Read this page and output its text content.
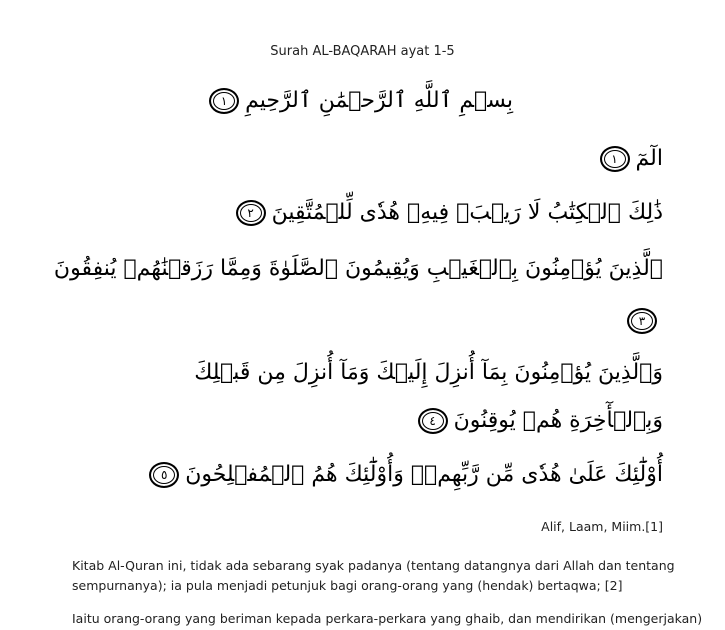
Surah AL-BAQARAH ayat 1-5
بِسۡمِ ٱللَّهِ ٱلرَّحۡمَٰنِ ٱلرَّحِيمِ١
الٓمٓ١
ذَٰلِكَ ٱلۡكِتَٰبُ لَا رَيۡبَۛ فِيهِۛ هُدٗى لِّلۡمُتَّقِينَ٢
ٱلَّذِينَ يُؤۡمِنُونَ بِٱلۡغَيۡبِ وَيُقِيمُونَ ٱلصَّلَوٰةَ وَمِمَّا رَزَقۡنَٰهُمۡ يُنفِقُونَ
٣
وَٱلَّذِينَ يُؤۡمِنُونَ بِمَآ أُنزِلَ إِلَيۡكَ وَمَآ أُنزِلَ مِن قَبۡلِكَ
وَبِٱلۡأٓخِرَةِ هُمۡ يُوقِنُونَ٤
أُوْلَٰٓئِكَ عَلَىٰ هُدٗى مِّن رَّبِّهِمۡۖ وَأُوْلَٰٓئِكَ هُمُ ٱلۡمُفۡلِحُونَ٥
Alif, Laam, Miim.[1]
Kitab Al-Quran ini, tidak ada sebarang syak padanya (tentang datangnya dari Allah dan tentang
sempurnanya); ia pula menjadi petunjuk bagi orang-orang yang (hendak) bertaqwa; [2]
Iaitu orang-orang yang beriman kepada perkara-perkara yang ghaib, dan mendirikan (mengerjakan)
